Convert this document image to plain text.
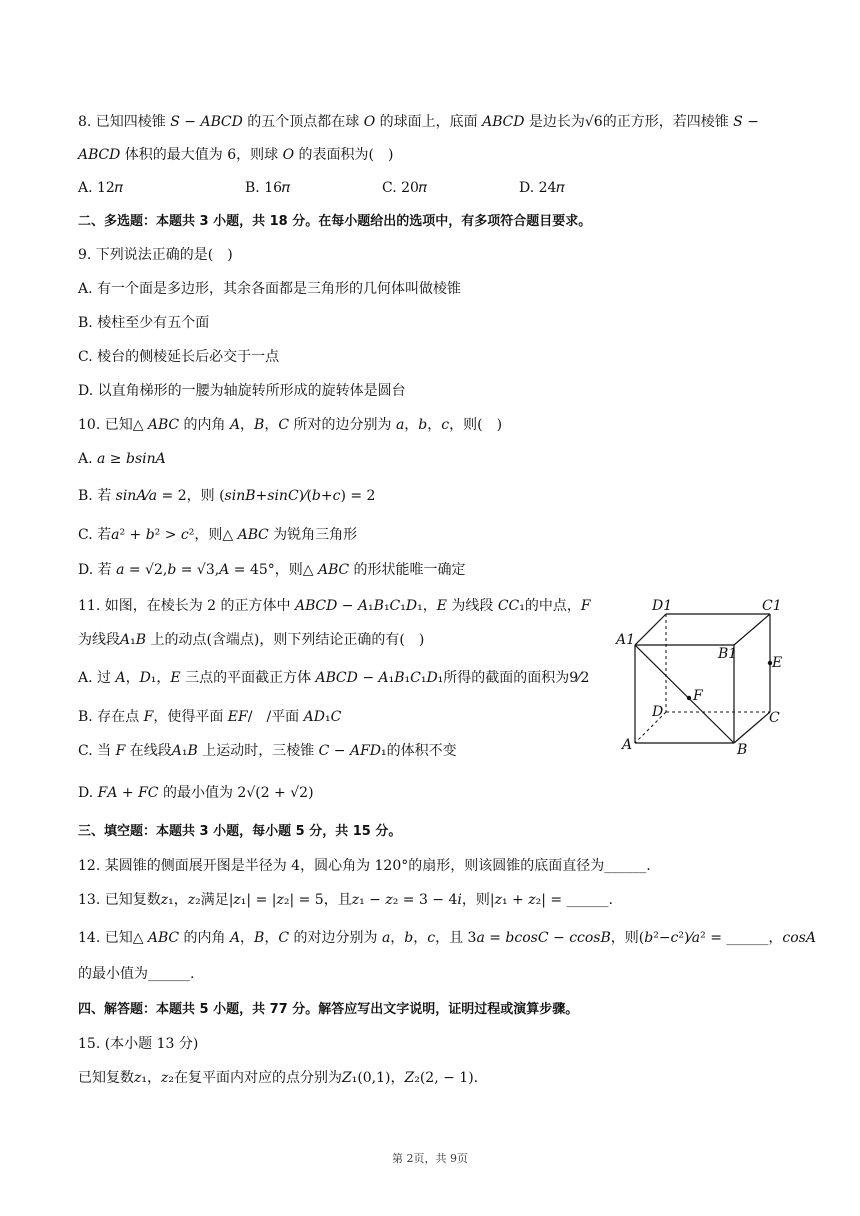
8. 已知四棱锥 𝑆 − 𝐴𝐵𝐶𝐷 的五个顶点都在球 𝑂 的球面上，底面 𝐴𝐵𝐶𝐷 是边长为√6的正方形，若四棱锥 𝑆 −
𝐴𝐵𝐶𝐷 体积的最大值为 6，则球 𝑂 的表面积为(　)
A. 12𝜋	B. 16𝜋	C. 20𝜋	D. 24𝜋
二、多选题：本题共 3 小题，共 18 分。在每小题给出的选项中，有多项符合题目要求。
9. 下列说法正确的是(　)
A. 有一个面是多边形，其余各面都是三角形的几何体叫做棱锥
B. 棱柱至少有五个面
C. 棱台的侧棱延长后必交于一点
D. 以直角梯形的一腰为轴旋转所形成的旋转体是圆台
10. 已知△ 𝐴𝐵𝐶 的内角 𝐴，𝐵，𝐶 所对的边分别为 𝑎，𝑏，𝑐，则(　)
A. 𝑎 ≥ 𝑏𝑠𝑖𝑛𝐴
B. 若 𝑠𝑖𝑛𝐴⁄𝑎 = 2，则 (𝑠𝑖𝑛𝐵+𝑠𝑖𝑛𝐶)⁄(𝑏+𝑐) = 2
C. 若𝑎² + 𝑏² > 𝑐²，则△ 𝐴𝐵𝐶 为锐角三角形
D. 若 𝑎 = √2,𝑏 = √3,𝐴 = 45°，则△ 𝐴𝐵𝐶 的形状能唯一确定
11. 如图，在棱长为 2 的正方体中 𝐴𝐵𝐶𝐷 − 𝐴₁𝐵₁𝐶₁𝐷₁，𝐸 为线段 𝐶𝐶₁的中点，𝐹
为线段𝐴₁𝐵 上的动点(含端点)，则下列结论正确的有(　)
A. 过 𝐴，𝐷₁，𝐸 三点的平面截正方体 𝐴𝐵𝐶𝐷 − 𝐴₁𝐵₁𝐶₁𝐷₁所得的截面的面积为9⁄2
B. 存在点 𝐹，使得平面 𝐸𝐹/　/平面 𝐴𝐷₁𝐶
C. 当 𝐹 在线段𝐴₁𝐵 上运动时，三棱锥 𝐶 − 𝐴𝐹𝐷₁的体积不变
D. 𝐹𝐴 + 𝐹𝐶 的最小值为 2√(2 + √2)
D1	C1
A1
B1
E
F
D	C
A	B
三、填空题：本题共 3 小题，每小题 5 分，共 15 分。
12. 某圆锥的侧面展开图是半径为 4，圆心角为 120°的扇形，则该圆锥的底面直径为______.
13. 已知复数𝑧₁，𝑧₂满足|𝑧₁| = |𝑧₂| = 5，且𝑧₁ − 𝑧₂ = 3 − 4𝑖，则|𝑧₁ + 𝑧₂| = ______.
14. 已知△ 𝐴𝐵𝐶 的内角 𝐴，𝐵，𝐶 的对边分别为 𝑎，𝑏，𝑐，且 3𝑎 = 𝑏𝑐𝑜𝑠𝐶 − 𝑐𝑐𝑜𝑠𝐵，则(𝑏²−𝑐²)⁄𝑎² = ______，𝑐𝑜𝑠𝐴
的最小值为______.
四、解答题：本题共 5 小题，共 77 分。解答应写出文字说明，证明过程或演算步骤。
15. (本小题 13 分)
已知复数𝑧₁，𝑧₂在复平面内对应的点分别为𝑍₁(0,1)，𝑍₂(2, − 1).
第 2页，共 9页
